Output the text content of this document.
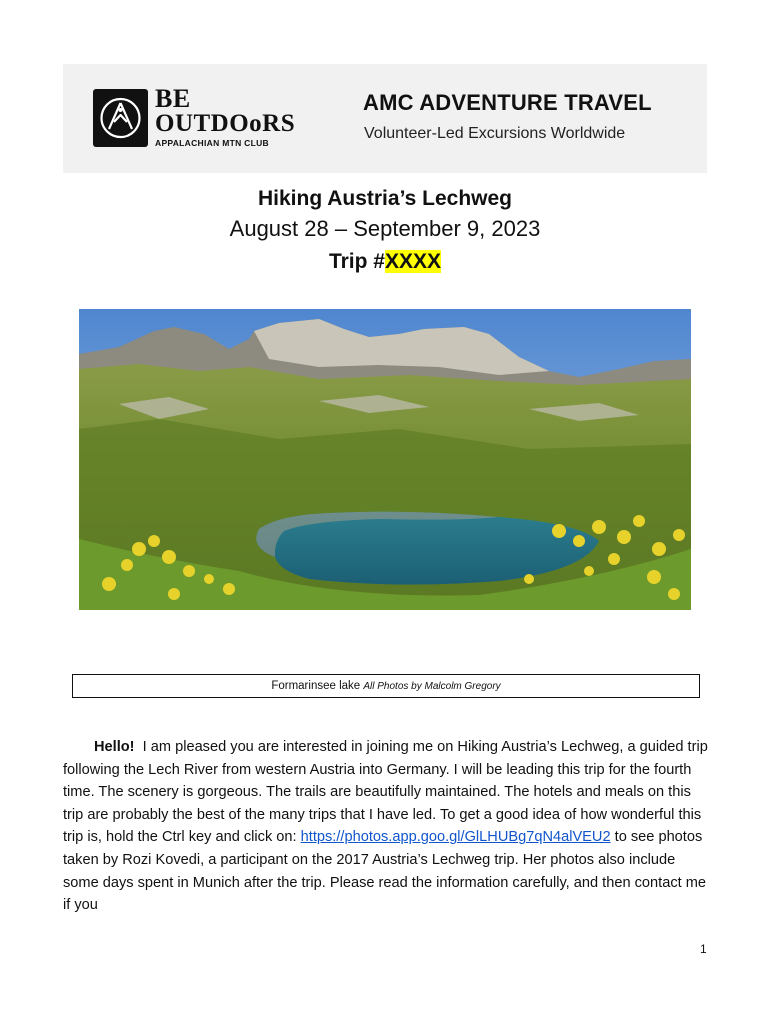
BE
OUTDOoRS
APPALACHIAN MTN CLUB
AMC ADVENTURE TRAVEL
Volunteer-Led Excursions Worldwide
Hiking Austria’s Lechweg
August 28 – September 9, 2023
Trip #XXXX
Formarinsee lake All Photos by Malcolm Gregory

Hello! I am pleased you are interested in joining me on Hiking Austria’s Lechweg, a guided trip following the Lech River from western Austria into Germany. I will be leading this trip for the fourth time. The scenery is gorgeous. The trails are beautifully maintained. The hotels and meals on this trip are probably the best of the many trips that I have led. To get a good idea of how wonderful this trip is, hold the Ctrl key and click on: https://photos.app.goo.gl/GlLHUBg7qN4alVEU2 to see photos taken by Rozi Kovedi, a participant on the 2017 Austria’s Lechweg trip. Her photos also include some days spent in Munich after the trip. Please read the information carefully, and then contact me if you

1
